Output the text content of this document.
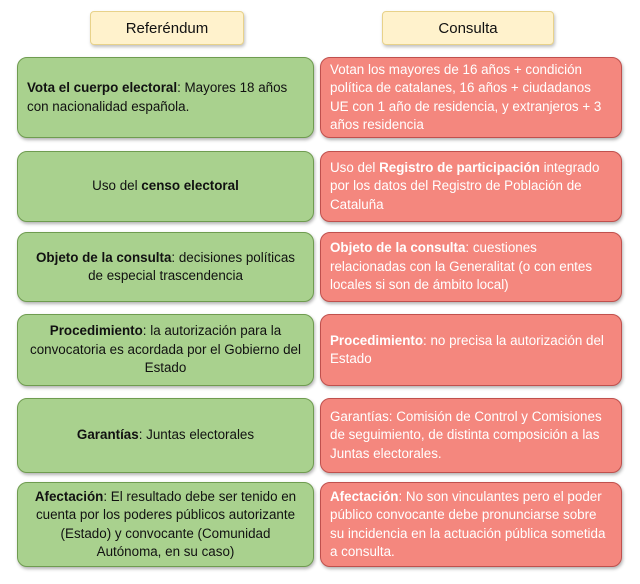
Referéndum	Consulta

Vota el cuerpo electoral: Mayores 18 años con nacionalidad española.

Votan los mayores de 16 años + condición política de catalanes, 16 años + ciudadanos UE con 1 año de residencia, y extranjeros + 3 años residencia

Uso del censo electoral

Uso del Registro de participación integrado por los datos del Registro de Población de Cataluña

Objeto de la consulta: decisiones políticas de especial trascendencia

Objeto de la consulta: cuestiones relacionadas con la Generalitat (o con entes locales si son de ámbito local)

Procedimiento: la autorización para la convocatoria es acordada por el Gobierno del Estado

Procedimiento: no precisa la autorización del Estado

Garantías: Juntas electorales

Garantías: Comisión de Control y Comisiones de seguimiento, de distinta composición a las Juntas electorales.

Afectación: El resultado debe ser tenido en cuenta por los poderes públicos autorizante (Estado) y convocante (Comunidad Autónoma, en su caso)

Afectación: No son vinculantes pero el poder público convocante debe pronunciarse sobre su incidencia en la actuación pública sometida a consulta.
